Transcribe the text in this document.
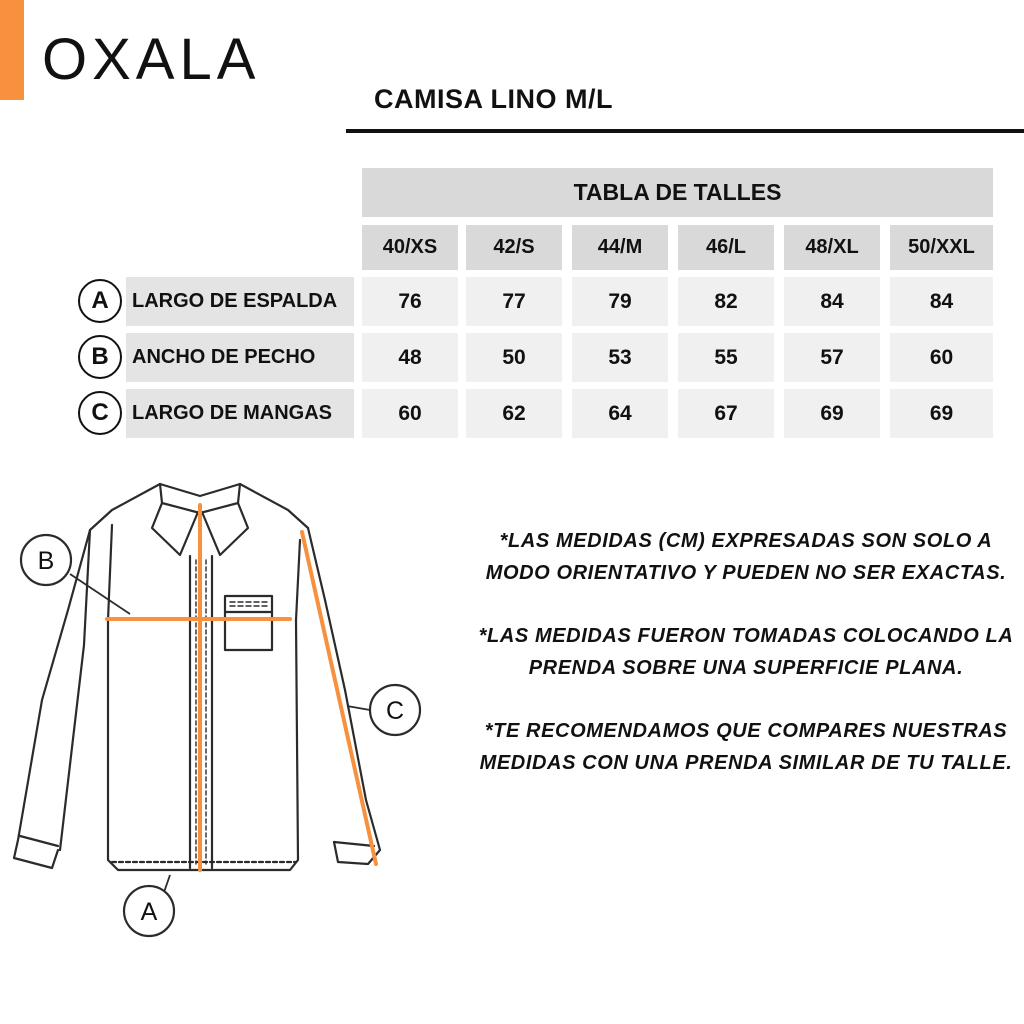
OXALA
CAMISA LINO M/L
TABLA DE TALLES
40/XS	42/S	44/M	46/L	48/XL	50/XXL
A	LARGO DE ESPALDA	76	77	79	82	84	84
B	ANCHO DE PECHO	48	50	53	55	57	60
C	LARGO DE MANGAS	60	62	64	67	69	69
A
B
C
*LAS MEDIDAS (CM) EXPRESADAS SON SOLO A MODO ORIENTATIVO Y PUEDEN NO SER EXACTAS.
*LAS MEDIDAS FUERON TOMADAS COLOCANDO LA PRENDA SOBRE UNA SUPERFICIE PLANA.
*TE RECOMENDAMOS QUE COMPARES NUESTRAS MEDIDAS CON UNA PRENDA SIMILAR DE TU TALLE.
